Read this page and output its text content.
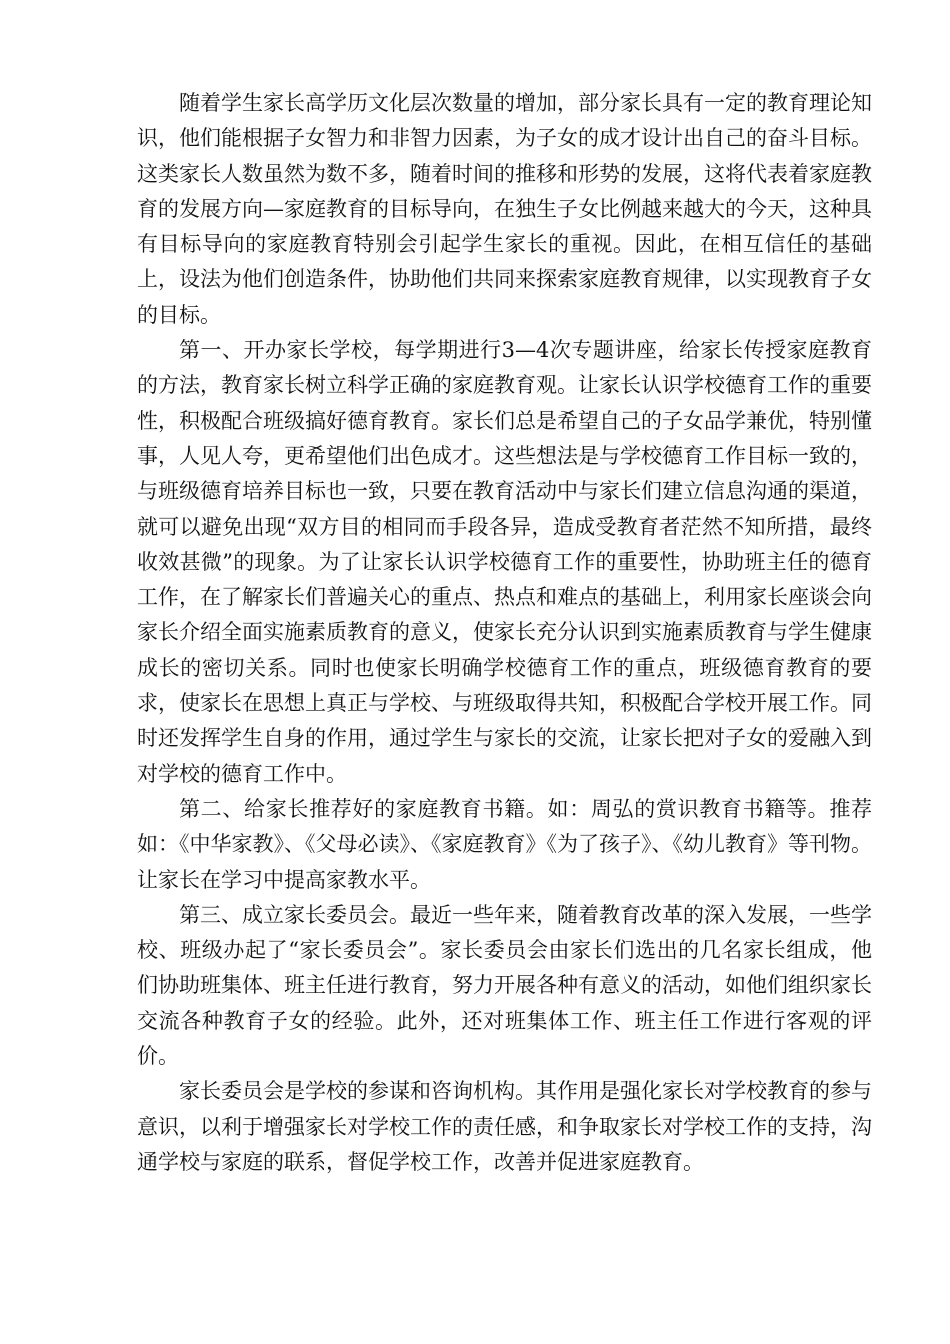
随着学生家长高学历文化层次数量的增加，部分家长具有一定的教育理论知识，他们能根据子女智力和非智力因素，为子女的成才设计出自己的奋斗目标。这类家长人数虽然为数不多，随着时间的推移和形势的发展，这将代表着家庭教育的发展方向—家庭教育的目标导向，在独生子女比例越来越大的今天，这种具有目标导向的家庭教育特别会引起学生家长的重视。因此，在相互信任的基础上，设法为他们创造条件，协助他们共同来探索家庭教育规律，以实现教育子女的目标。

第一、开办家长学校，每学期进行3—4次专题讲座，给家长传授家庭教育的方法，教育家长树立科学正确的家庭教育观。让家长认识学校德育工作的重要性，积极配合班级搞好德育教育。家长们总是希望自己的子女品学兼优，特别懂事，人见人夸，更希望他们出色成才。这些想法是与学校德育工作目标一致的，与班级德育培养目标也一致，只要在教育活动中与家长们建立信息沟通的渠道，就可以避免出现“双方目的相同而手段各异，造成受教育者茫然不知所措，最终收效甚微”的现象。为了让家长认识学校德育工作的重要性，协助班主任的德育工作，在了解家长们普遍关心的重点、热点和难点的基础上，利用家长座谈会向家长介绍全面实施素质教育的意义，使家长充分认识到实施素质教育与学生健康成长的密切关系。同时也使家长明确学校德育工作的重点，班级德育教育的要求，使家长在思想上真正与学校、与班级取得共知，积极配合学校开展工作。同时还发挥学生自身的作用，通过学生与家长的交流，让家长把对子女的爱融入到对学校的德育工作中。

第二、给家长推荐好的家庭教育书籍。如：周弘的赏识教育书籍等。推荐如：《中华家教》、《父母必读》、《家庭教育》《为了孩子》、《幼儿教育》等刊物。让家长在学习中提高家教水平。

第三、成立家长委员会。最近一些年来，随着教育改革的深入发展，一些学校、班级办起了“家长委员会”。家长委员会由家长们选出的几名家长组成，他们协助班集体、班主任进行教育，努力开展各种有意义的活动，如他们组织家长交流各种教育子女的经验。此外，还对班集体工作、班主任工作进行客观的评价。

家长委员会是学校的参谋和咨询机构。其作用是强化家长对学校教育的参与意识，以利于增强家长对学校工作的责任感，和争取家长对学校工作的支持，沟通学校与家庭的联系，督促学校工作，改善并促进家庭教育。
